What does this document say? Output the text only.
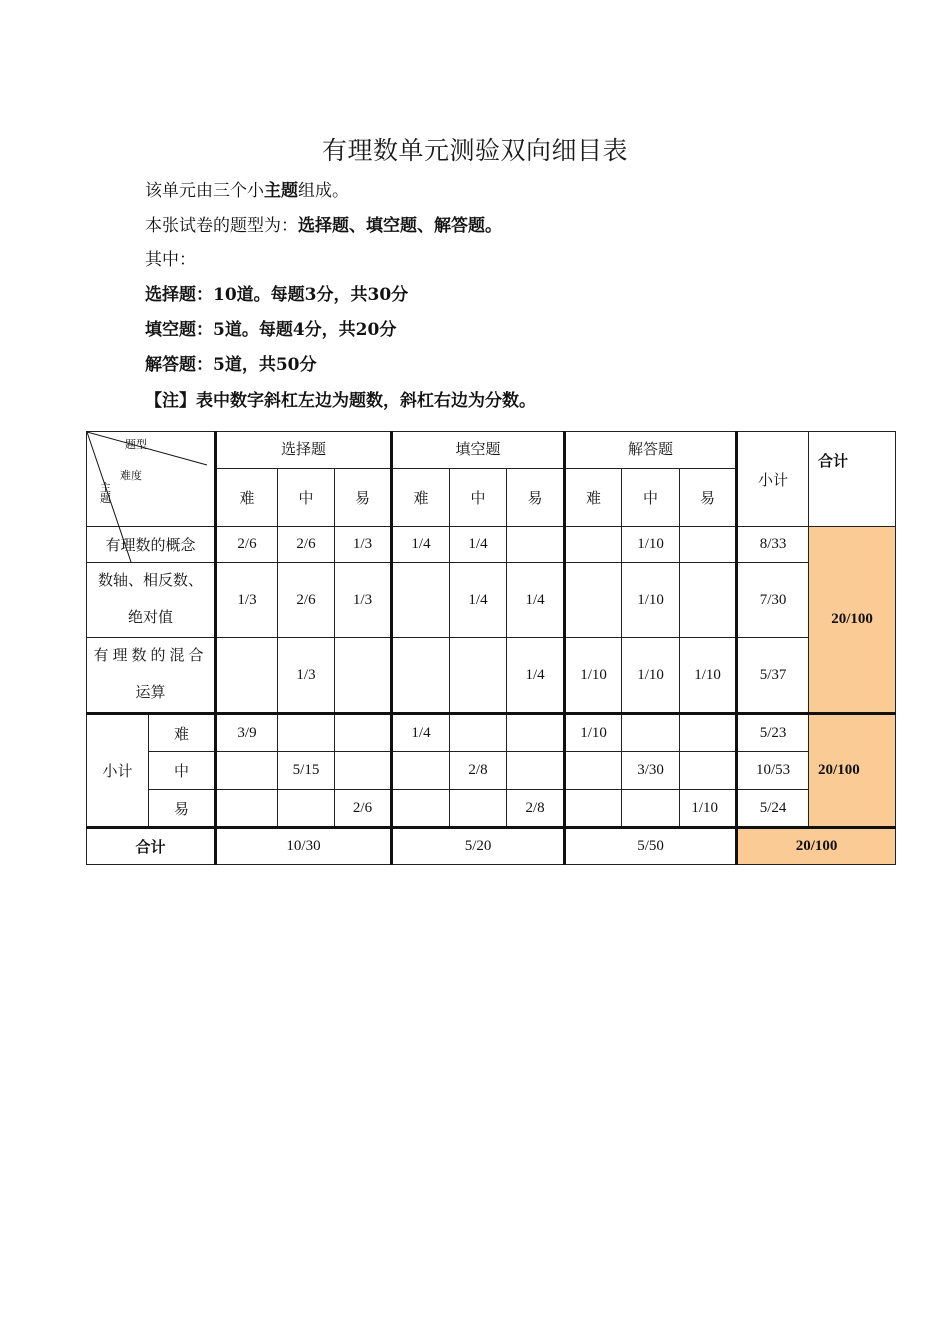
有理数单元测验双向细目表
该单元由三个小主题组成。
本张试卷的题型为：选择题、填空题、解答题。
其中：
选择题：10道。每题3分，共30分
填空题：5道。每题4分，共20分
解答题：5道，共50分
【注】表中数字斜杠左边为题数，斜杠右边为分数。
题型
难度
主
题		选择题			填空题			解答题			小计	合计
		难	中	易	难	中	易	难	中	易		
有理数的概念		2/6	2/6	1/3	1/4	1/4			1/10		8/33	20/100

数轴、相反数、
绝对值		1/3	2/6	1/3		1/4	1/4		1/10		7/30	

有理数的混合
运算			1/3				1/4	1/10	1/10	1/10	5/37	
小计	难	3/9			1/4			1/10			5/23	20/100
	中		5/15			2/8			3/30		10/53	
	易			2/6			2/8			1/10	5/24	
合计		10/30			5/20			5/50			20/100	
